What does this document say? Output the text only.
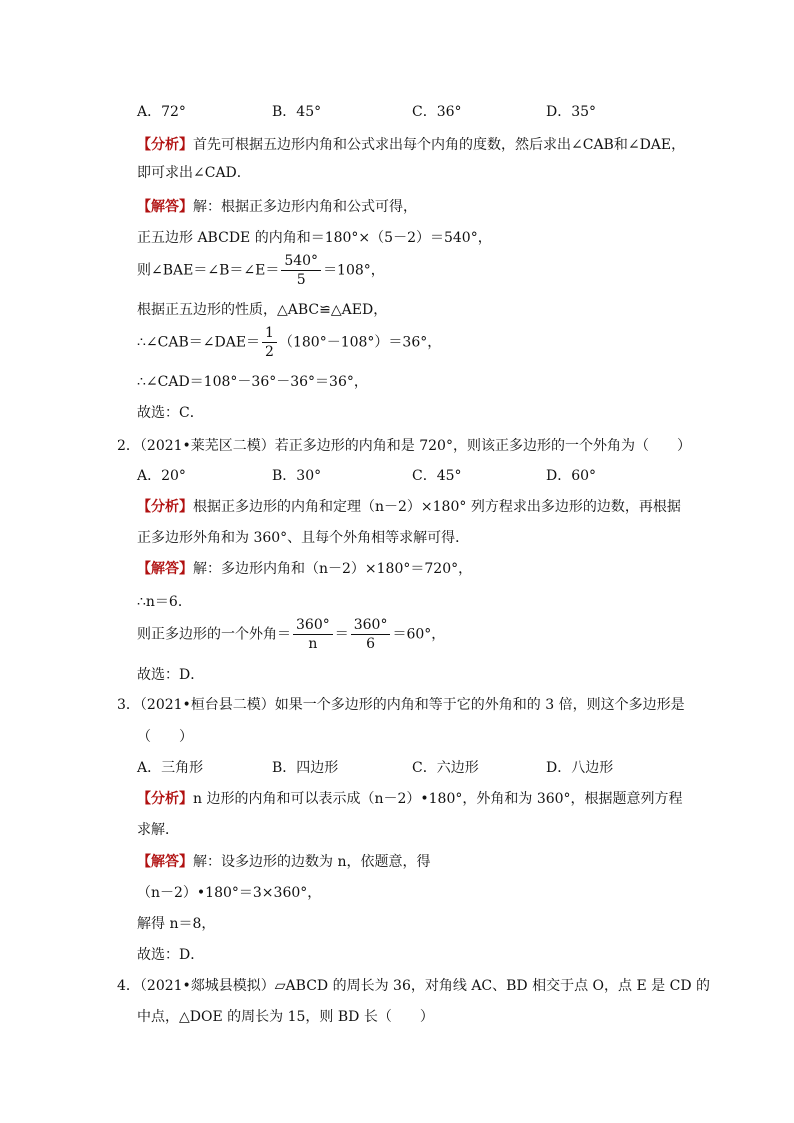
A．72°	B．45°	C．36°	D．35°
【分析】首先可根据五边形内角和公式求出每个内角的度数，然后求出∠CAB和∠DAE，
即可求出∠CAD．
【解答】解：根据正多边形内角和公式可得，
正五边形 ABCDE 的内角和＝180°×（5－2）＝540°，
则∠BAE＝∠B＝∠E＝ $\frac{540^\circ}{5} =108^\circ$，
根据正五边形的性质，△ABC≌△AED，
∴∠CAB＝∠DAE＝ $\frac{1}{2} (180^\circ-108^\circ)=36^\circ$，
∴∠CAD＝108°－36°－36°＝36°，
故选：C．
2．（2021•莱芜区二模）若正多边形的内角和是 720°，则该正多边形的一个外角为（　　）
A．20°	B．30°	C．45°	D．60°
【分析】根据正多边形的内角和定理（n－2）×180° 列方程求出多边形的边数，再根据
正多边形外角和为 360°、且每个外角相等求解可得．
【解答】解：多边形内角和（n－2）×180°＝720°，
∴n＝6．
则正多边形的一个外角＝ $\frac{360^\circ}{n} = \frac{360^\circ}{6} =60^\circ$，
故选：D．
3．（2021•桓台县二模）如果一个多边形的内角和等于它的外角和的 3 倍，则这个多边形是
（　　）
A．三角形	B．四边形	C．六边形	D．八边形
【分析】n 边形的内角和可以表示成（n－2）•180°，外角和为 360°，根据题意列方程
求解．
【解答】解：设多边形的边数为 n，依题意，得
（n－2）•180°＝3×360°，
解得 n＝8，
故选：D．
4．（2021•郯城县模拟）▱ABCD 的周长为 36，对角线 AC、BD 相交于点 O，点 E 是 CD 的
中点，△DOE 的周长为 15，则 BD 长（　　）
